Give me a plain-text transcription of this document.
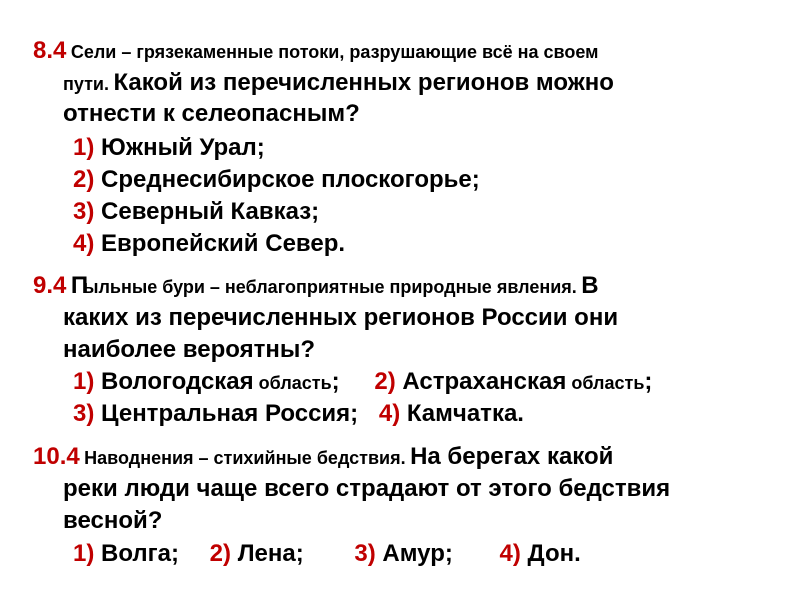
8.4 Сели – грязекаменные потоки, разрушающие всё на своем
пути. Какой из перечисленных регионов можно
отнести к селеопасным?
1) Южный Урал;
2) Среднесибирское плоскогорье;
3) Северный Кавказ;
4) Европейский Север.
9.4 Пыльные бури – неблагоприятные природные явления. В
каких из перечисленных регионов России они
наиболее вероятны?
1) Вологодская область; 2) Астраханская область;
3) Центральная Россия; 4) Камчатка.
10.4 Наводнения – стихийные бедствия. На берегах какой
реки люди чаще всего страдают от этого бедствия
весной?
1) Волга; 2) Лена; 3) Амур; 4) Дон.
